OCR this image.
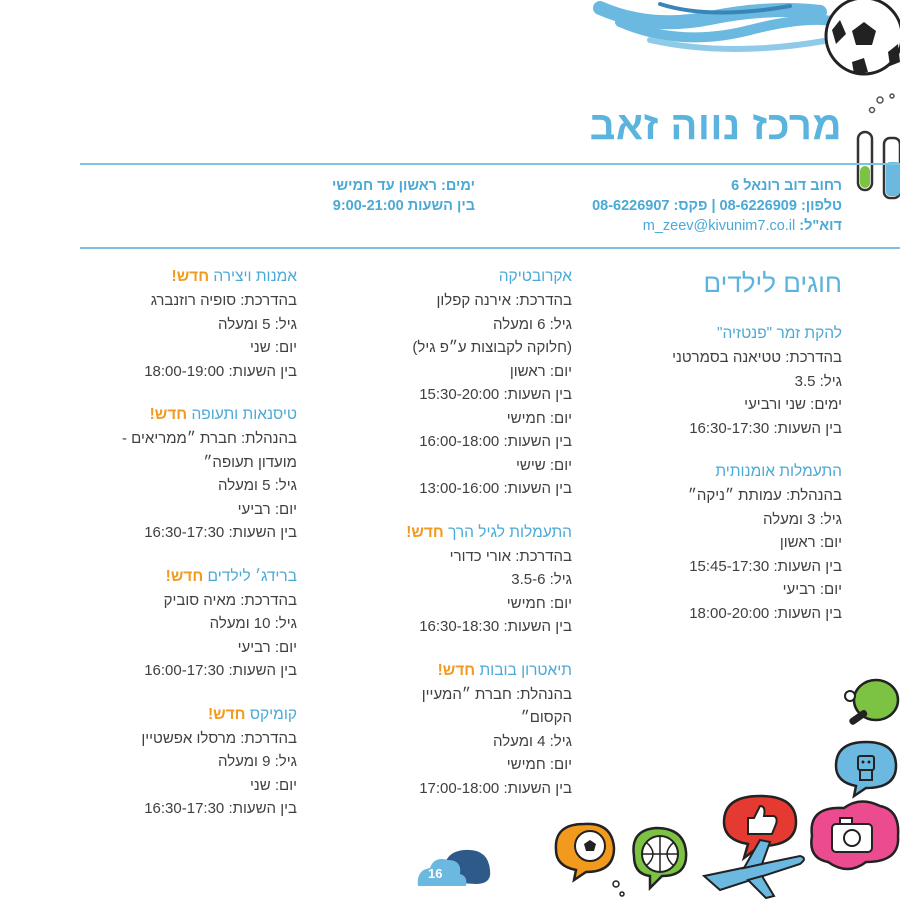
מרכז נווה זאב
רחוב דוב רונאל 6
טלפון: 08-6226909 | פקס: 08-6226907
דוא"ל: m_zeev@kivunim7.co.il
ימים: ראשון עד חמישי
בין השעות 9:00-21:00
חוגים לילדים
להקת זמר "פנטזיה"
בהדרכת: טטיאנה בסמרטני
גיל: 3.5
ימים: שני ורביעי
בין השעות: 16:30-17:30
התעמלות אומנותית
בהנהלת: עמותת ״ניקה״
גיל: 3 ומעלה
יום: ראשון
בין השעות: 15:45-17:30
יום: רביעי
בין השעות: 18:00-20:00
אקרובטיקה
בהדרכת: אירנה קפלון
גיל: 6 ומעלה
(חלוקה לקבוצות ע״פ גיל)
יום: ראשון
בין השעות: 15:30-20:00
יום: חמישי
בין השעות: 16:00-18:00
יום: שישי
בין השעות: 13:00-16:00
התעמלות לגיל הרך חדש!
בהדרכת: אורי כדורי
גיל: 3.5-6
יום: חמישי
בין השעות: 16:30-18:30
תיאטרון בובות חדש!
בהנהלת: חברת ״המעיין
הקסום״
גיל: 4 ומעלה
יום: חמישי
בין השעות: 17:00-18:00
אמנות ויצירה חדש!
בהדרכת: סופיה רוזנברג
גיל: 5 ומעלה
יום: שני
בין השעות: 18:00-19:00
טיסנאות ותעופה חדש!
בהנהלת: חברת ״ממריאים -
מועדון תעופה״
גיל: 5 ומעלה
יום: רביעי
בין השעות: 16:30-17:30
ברידג׳ לילדים חדש!
בהדרכת: מאיה סוביק
גיל: 10 ומעלה
יום: רביעי
בין השעות: 16:00-17:30
קומיקס חדש!
בהדרכת: מרסלו אפשטיין
גיל: 9 ומעלה
יום: שני
בין השעות: 16:30-17:30
16
